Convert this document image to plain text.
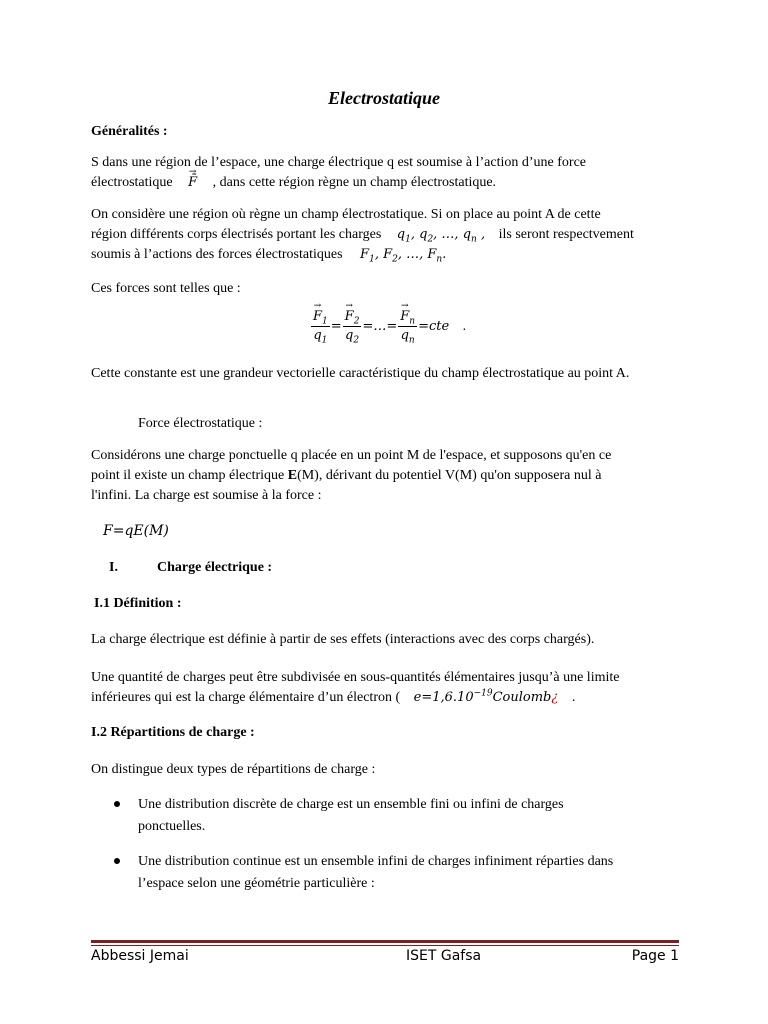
Electrostatique
Généralités :
S dans une région de l’espace, une charge électrique q est soumise à l’action d’une force
électrostatique → F̄ , dans cette région règne un champ électrostatique.
On considère une région où règne un champ électrostatique. Si on place au point A de cette
région différents corps électrisés portant les charges $q_1$, $q_2$, …, $q_n$ , ils seront respectvement
soumis à l’actions des forces électrostatiques $F_1$, $F_2$, …, $F_n$.
Ces forces sont telles que :
→ $\frac{F_1}{q_1}$ = → $\frac{F_2}{q_2}$ =…= → $\frac{F_n}{q_n} =cte$ .
Cette constante est une grandeur vectorielle caractéristique du champ électrostatique au point A.
Force électrostatique :
Considérons une charge ponctuelle q placée en un point M de l'espace, et supposons qu'en ce
point il existe un champ électrique E(M), dérivant du potentiel V(M) qu'on supposera nul à
l'infini. La charge est soumise à la force :
F=qE(M)
I.	Charge électrique :
I.1 Définition :
La charge électrique est définie à partir de ses effets (interactions avec des corps chargés).
Une quantité de charges peut être subdivisée en sous-quantités élémentaires jusqu’à une limite
inférieures qui est la charge élémentaire d’un électron ( $e=1,6.10^{-19}Coulomb¿$ .
I.2 Répartitions de charge :
On distingue deux types de répartitions de charge :
Une distribution discrète de charge est un ensemble fini ou infini de charges
ponctuelles.
Une distribution continue est un ensemble infini de charges infiniment réparties dans
l’espace selon une géométrie particulière :
Abbessi Jemai	ISET Gafsa	Page 1
